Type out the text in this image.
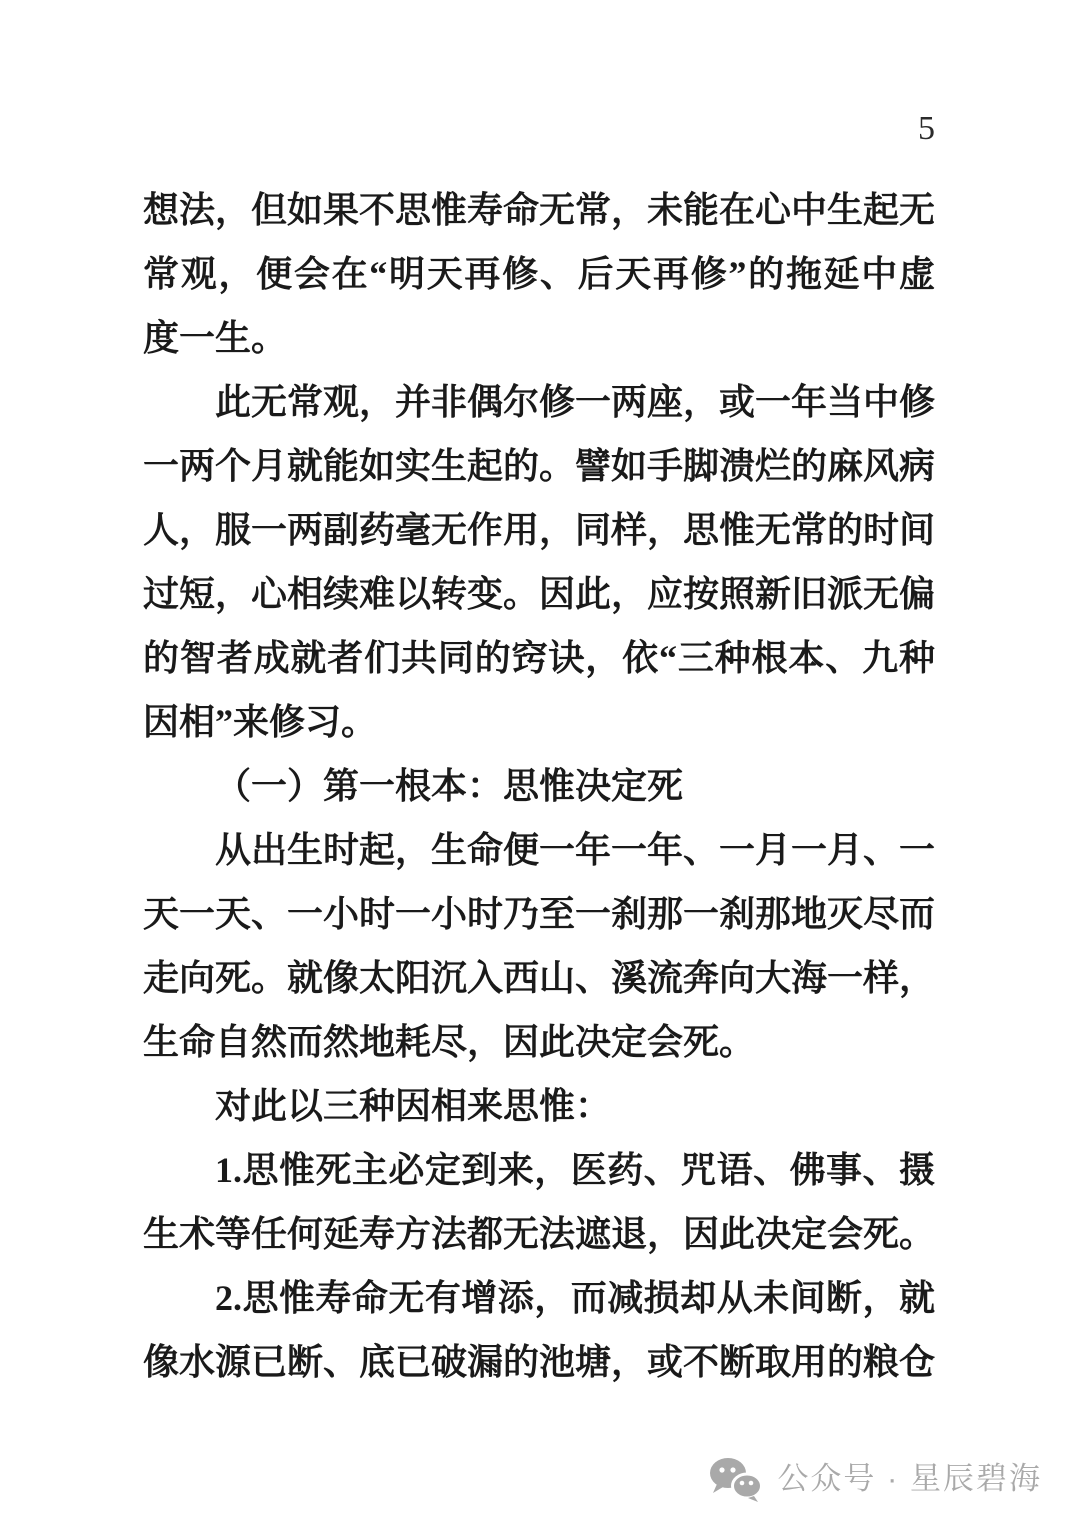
5
想法，但如果不思惟寿命无常，未能在心中生起无
常观，便会在“明天再修、后天再修”的拖延中虚
度一生。
此无常观，并非偶尔修一两座，或一年当中修
一两个月就能如实生起的。譬如手脚溃烂的麻风病
人，服一两副药毫无作用，同样，思惟无常的时间
过短，心相续难以转变。因此，应按照新旧派无偏
的智者成就者们共同的窍诀，依“三种根本、九种
因相”来修习。
（一）第一根本：思惟决定死
从出生时起，生命便一年一年、一月一月、一
天一天、一小时一小时乃至一刹那一刹那地灭尽而
走向死。就像太阳沉入西山、溪流奔向大海一样，
生命自然而然地耗尽，因此决定会死。
对此以三种因相来思惟：
1.思惟死主必定到来，医药、咒语、佛事、摄
生术等任何延寿方法都无法遮退，因此决定会死。
2.思惟寿命无有增添，而减损却从未间断，就
像水源已断、底已破漏的池塘，或不断取用的粮仓
公众号 · 星辰碧海
